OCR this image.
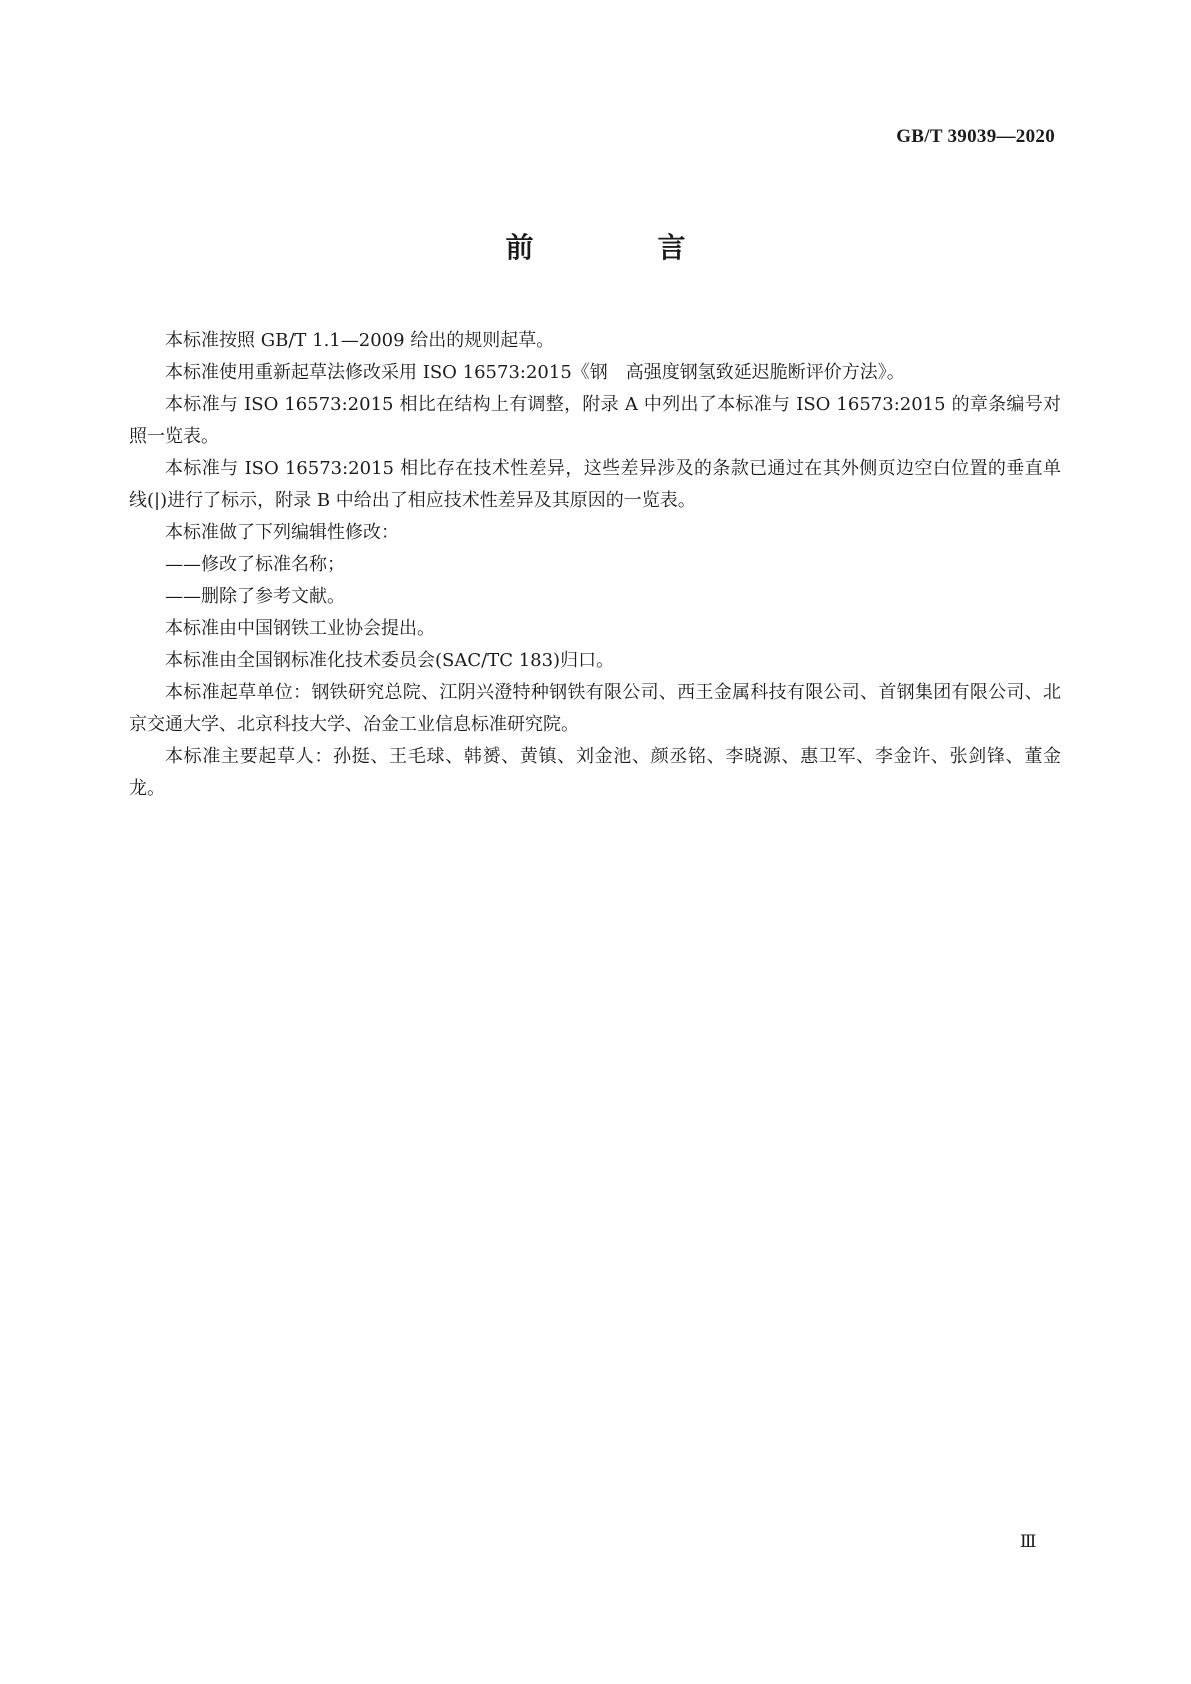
GB/T 39039—2020
前　言

本标准按照 GB/T 1.1—2009 给出的规则起草。

本标准使用重新起草法修改采用 ISO 16573:2015《钢　高强度钢氢致延迟脆断评价方法》。

本标准与 ISO 16573:2015 相比在结构上有调整，附录 A 中列出了本标准与 ISO 16573:2015 的章条编号对照一览表。

本标准与 ISO 16573:2015 相比存在技术性差异，这些差异涉及的条款已通过在其外侧页边空白位置的垂直单线(|)进行了标示，附录 B 中给出了相应技术性差异及其原因的一览表。

本标准做了下列编辑性修改：

——修改了标准名称；

——删除了参考文献。

本标准由中国钢铁工业协会提出。

本标准由全国钢标准化技术委员会(SAC/TC 183)归口。

本标准起草单位：钢铁研究总院、江阴兴澄特种钢铁有限公司、西王金属科技有限公司、首钢集团有限公司、北京交通大学、北京科技大学、冶金工业信息标准研究院。

本标准主要起草人：孙挺、王毛球、韩赟、黄镇、刘金池、颜丞铭、李晓源、惠卫军、李金许、张剑锋、董金龙。

Ⅲ
